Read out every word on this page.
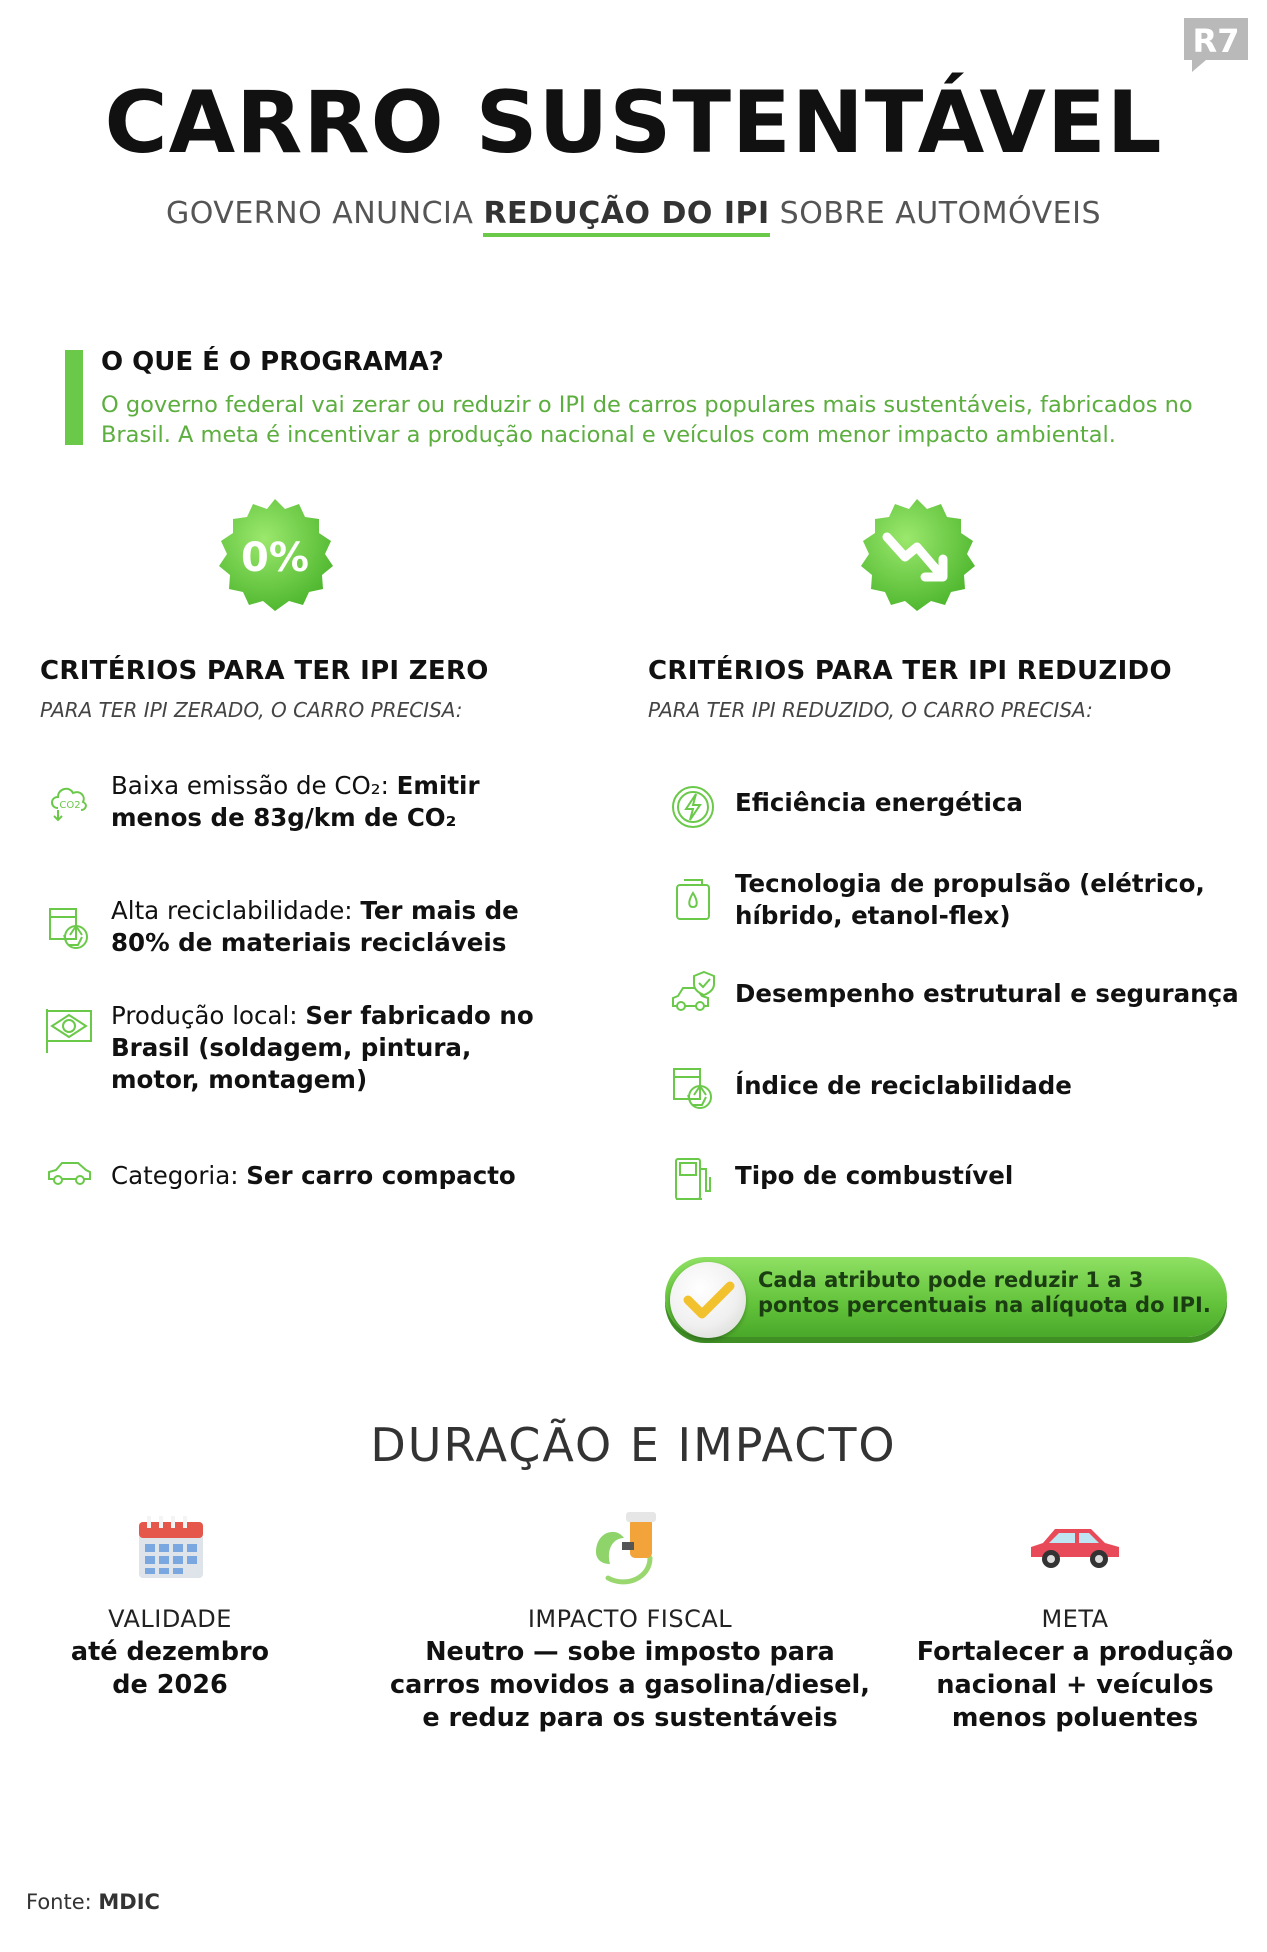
R7
CARRO SUSTENTÁVEL
GOVERNO ANUNCIA REDUÇÃO DO IPI SOBRE AUTOMÓVEIS
O QUE É O PROGRAMA?
O governo federal vai zerar ou reduzir o IPI de carros populares mais sustentáveis, fabricados no Brasil. A meta é incentivar a produção nacional e veículos com menor impacto ambiental.
0%
CRITÉRIOS PARA TER IPI ZERO
PARA TER IPI ZERADO, O CARRO PRECISA:
CRITÉRIOS PARA TER IPI REDUZIDO
PARA TER IPI REDUZIDO, O CARRO PRECISA:
CO2
Baixa emissão de CO₂: Emitir menos de 83g/km de CO₂
Alta reciclabilidade: Ter mais de 80% de materiais recicláveis
Produção local: Ser fabricado no Brasil (soldagem, pintura, motor, montagem)
Categoria: Ser carro compacto
Eficiência energética
Tecnologia de propulsão (elétrico, híbrido, etanol-flex)
Desempenho estrutural e segurança
Índice de reciclabilidade
Tipo de combustível
Cada atributo pode reduzir 1 a 3 pontos percentuais na alíquota do IPI.
DURAÇÃO E IMPACTO
VALIDADE
até dezembro de 2026
IMPACTO FISCAL
Neutro — sobe imposto para carros movidos a gasolina/diesel, e reduz para os sustentáveis
META
Fortalecer a produção nacional + veículos menos poluentes
Fonte: MDIC
